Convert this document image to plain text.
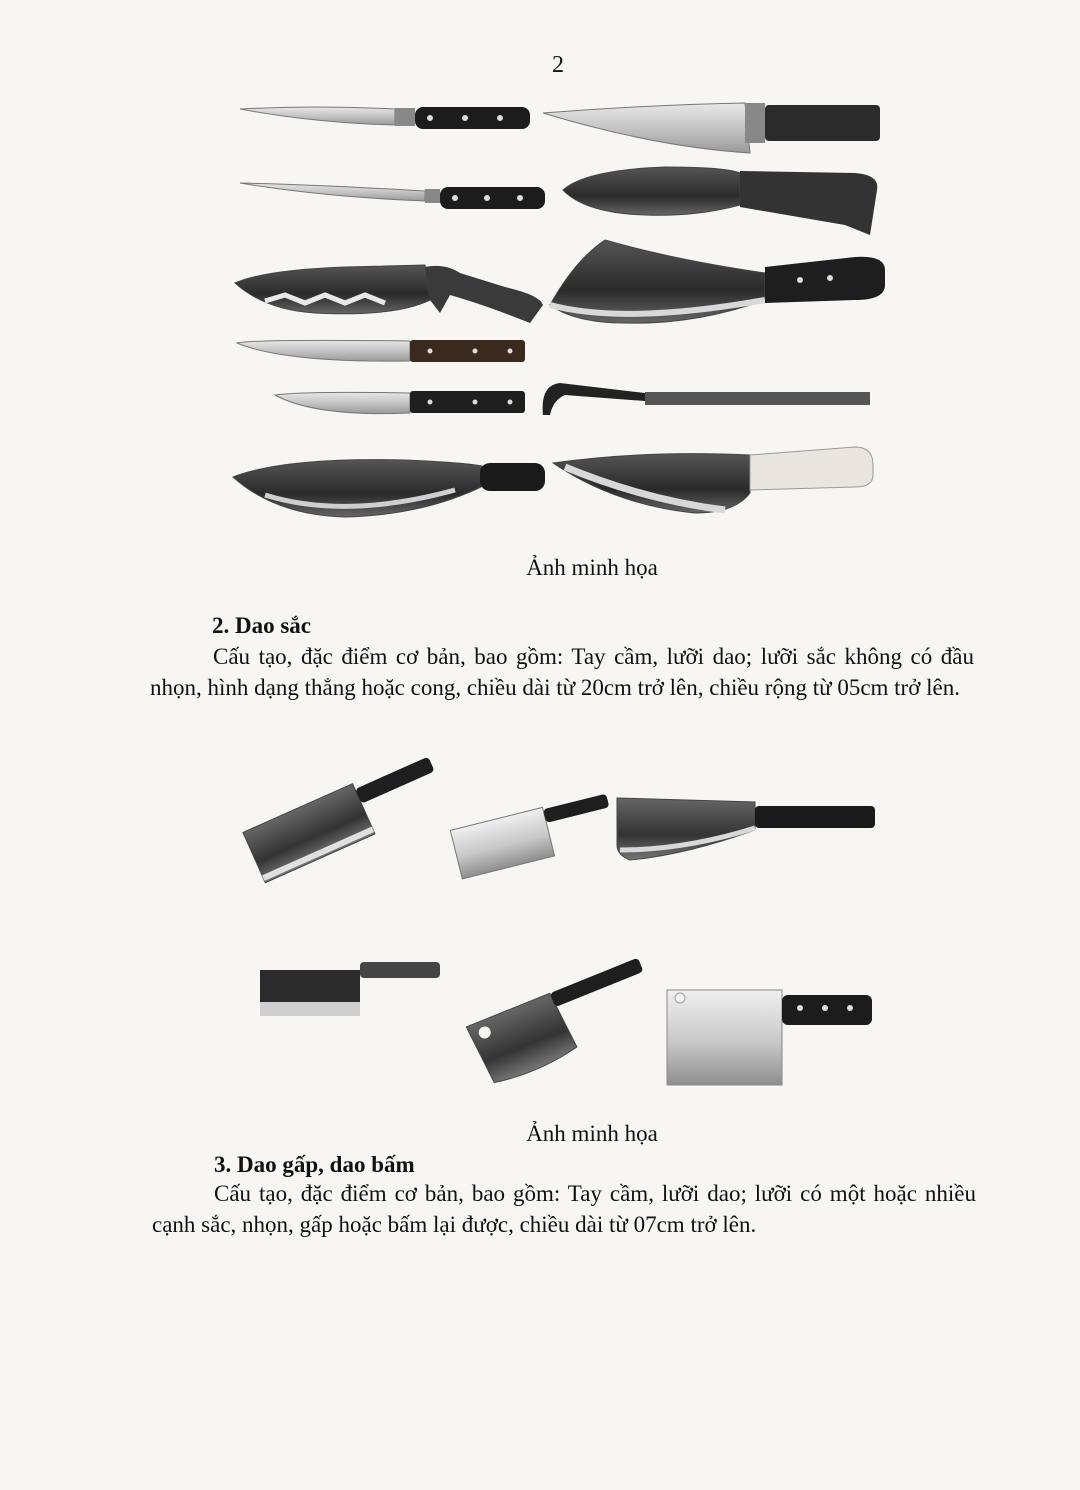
2
Ảnh minh họa
2. Dao sắc
Cấu tạo, đặc điểm cơ bản, bao gồm: Tay cầm, lưỡi dao; lưỡi sắc không có đầu nhọn, hình dạng thẳng hoặc cong, chiều dài từ 20cm trở lên, chiều rộng từ 05cm trở lên.
Ảnh minh họa
3. Dao gấp, dao bấm
Cấu tạo, đặc điểm cơ bản, bao gồm: Tay cầm, lưỡi dao; lưỡi có một hoặc nhiều cạnh sắc, nhọn, gấp hoặc bấm lại được, chiều dài từ 07cm trở lên.
